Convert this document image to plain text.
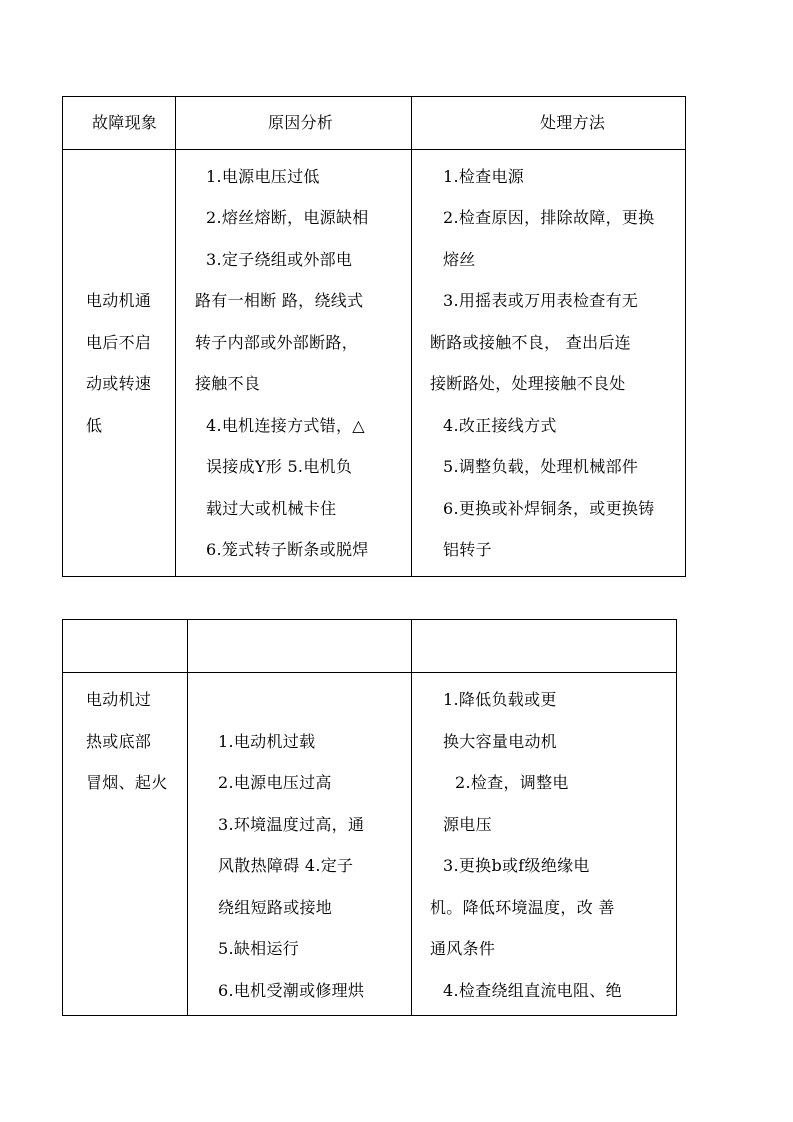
故障现象	原因分析	处理方法
电动机通
电后不启
动或转速
低
1.电源电压过低
2.熔丝熔断，电源缺相
3.定子绕组或外部电
路有一相断 路，绕线式
转子内部或外部断路，
接触不良
4.电机连接方式错，△
误接成Y形 5.电机负
载过大或机械卡住
6.笼式转子断条或脱焊
1.检查电源
2.检查原因，排除故障，更换
熔丝
3.用摇表或万用表检查有无
断路或接触不良， 查出后连
接断路处，处理接触不良处
4.改正接线方式
5.调整负载，处理机械部件
6.更换或补焊铜条，或更换铸
铝转子
电动机过
热或底部
冒烟、起火
1.电动机过载
2.电源电压过高
3.环境温度过高，通
风散热障碍 4.定子
绕组短路或接地
5.缺相运行
6.电机受潮或修理烘
1.降低负载或更
换大容量电动机
2.检查，调整电
源电压
3.更换b或f级绝缘电
机。降低环境温度，改 善
通风条件
4.检查绕组直流电阻、绝
